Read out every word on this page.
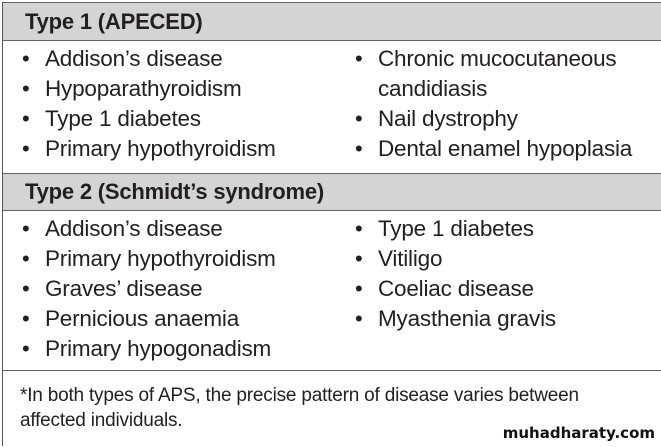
Type 1 (APECED)
• Addison’s disease
• Hypoparathyroidism
• Type 1 diabetes
• Primary hypothyroidism
• Chronic mucocutaneous candidiasis
• Nail dystrophy
• Dental enamel hypoplasia
Type 2 (Schmidt’s syndrome)
• Addison’s disease
• Primary hypothyroidism
• Graves’ disease
• Pernicious anaemia
• Primary hypogonadism
• Type 1 diabetes
• Vitiligo
• Coeliac disease
• Myasthenia gravis
*In both types of APS, the precise pattern of disease varies between affected individuals.
muhadharaty.com
